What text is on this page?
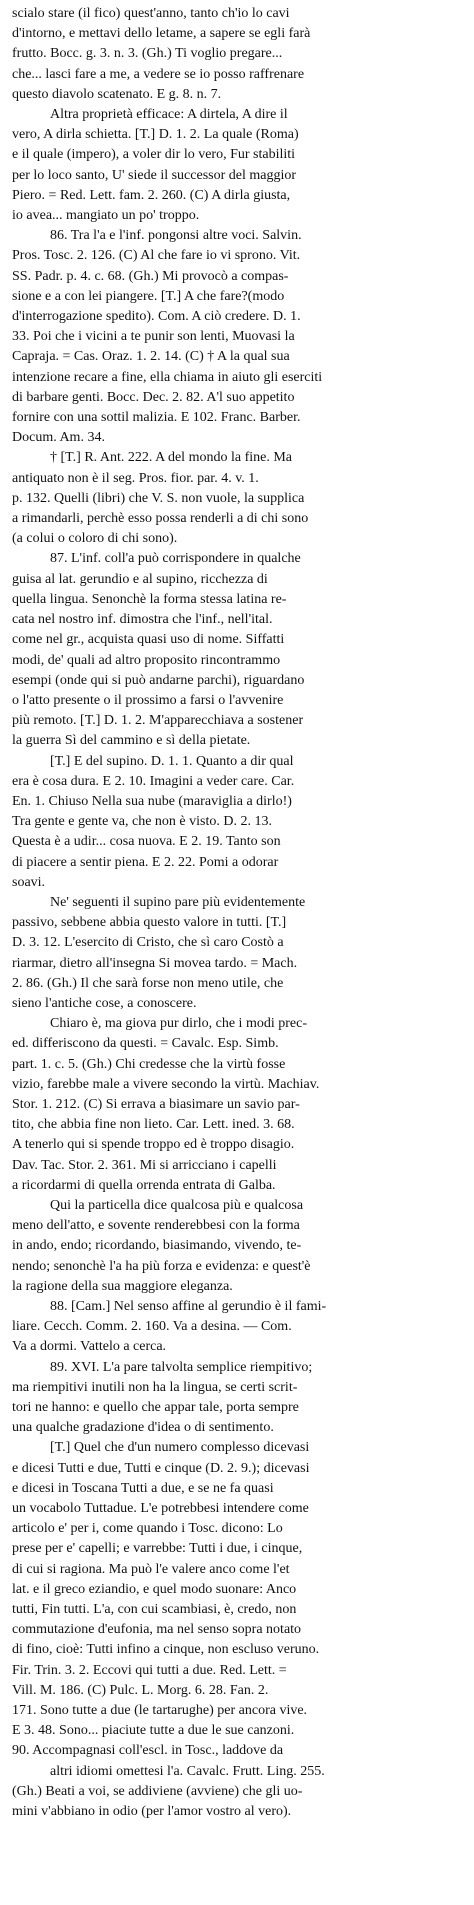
scialo stare (il fico) quest'anno, tanto ch'io lo cavi
d'intorno, e mettavi dello letame, a sapere se egli farà
frutto. Bocc. g. 3. n. 3. (Gh.) Ti voglio pregare...
che... lasci fare a me, a vedere se io posso raffrenare
questo diavolo scatenato. E g. 8. n. 7.
Altra proprietà efficace: A dirtela, A dire il
vero, A dirla schietta. [T.] D. 1. 2. La quale (Roma)
e il quale (impero), a voler dir lo vero, Fur stabiliti
per lo loco santo, U' siede il successor del maggior
Piero. = Red. Lett. fam. 2. 260. (C) A dirla giusta,
io avea... mangiato un po' troppo.
86. Tra l'a e l'inf. pongonsi altre voci. Salvin.
Pros. Tosc. 2. 126. (C) Al che fare io vi sprono. Vit.
SS. Padr. p. 4. c. 68. (Gh.) Mi provocò a compas-
sione e a con lei piangere. [T.] A che fare?(modo
d'interrogazione spedito). Com. A ciò credere. D. 1.
33. Poi che i vicini a te punir son lenti, Muovasi la
Capraja. = Cas. Oraz. 1. 2. 14. (C) † A la qual sua
intenzione recare a fine, ella chiama in aiuto gli eserciti
di barbare genti. Bocc. Dec. 2. 82. A'l suo appetito
fornire con una sottil malizia. E 102. Franc. Barber.
Docum. Am. 34.
† [T.] R. Ant. 222. A del mondo la fine. Ma
antiquato non è il seg. Pros. fior. par. 4. v. 1.
p. 132. Quelli (libri) che V. S. non vuole, la supplica
a rimandarli, perchè esso possa renderli a di chi sono
(a colui o coloro di chi sono).
87. L'inf. coll'a può corrispondere in qualche
guisa al lat. gerundio e al supino, ricchezza di
quella lingua. Senonchè la forma stessa latina re-
cata nel nostro inf. dimostra che l'inf., nell'ital.
come nel gr., acquista quasi uso di nome. Siffatti
modi, de' quali ad altro proposito rincontrammo
esempi (onde qui si può andarne parchi), riguardano
o l'atto presente o il prossimo a farsi o l'avvenire
più remoto. [T.] D. 1. 2. M'apparecchiava a sostener
la guerra Sì del cammino e sì della pietate.
[T.] E del supino. D. 1. 1. Quanto a dir qual
era è cosa dura. E 2. 10. Imagini a veder care. Car.
En. 1. Chiuso Nella sua nube (maraviglia a dirlo!)
Tra gente e gente va, che non è visto. D. 2. 13.
Questa è a udir... cosa nuova. E 2. 19. Tanto son
di piacere a sentir piena. E 2. 22. Pomi a odorar
soavi.
Ne' seguenti il supino pare più evidentemente
passivo, sebbene abbia questo valore in tutti. [T.]
D. 3. 12. L'esercito di Cristo, che sì caro Costò a
riarmar, dietro all'insegna Si movea tardo. = Mach.
2. 86. (Gh.) Il che sarà forse non meno utile, che
sieno l'antiche cose, a conoscere.
Chiaro è, ma giova pur dirlo, che i modi prec-
ed. differiscono da questi. = Cavalc. Esp. Simb.
part. 1. c. 5. (Gh.) Chi credesse che la virtù fosse
vizio, farebbe male a vivere secondo la virtù. Machiav.
Stor. 1. 212. (C) Si errava a biasimare un savio par-
tito, che abbia fine non lieto. Car. Lett. ined. 3. 68.
A tenerlo qui si spende troppo ed è troppo disagio.
Dav. Tac. Stor. 2. 361. Mi si arricciano i capelli
a ricordarmi di quella orrenda entrata di Galba.
Qui la particella dice qualcosa più e qualcosa
meno dell'atto, e sovente renderebbesi con la forma
in ando, endo; ricordando, biasimando, vivendo, te-
nendo; senonchè l'a ha più forza e evidenza: e quest'è
la ragione della sua maggiore eleganza.
88. [Cam.] Nel senso affine al gerundio è il fami-
liare. Cecch. Comm. 2. 160. Va a desina. — Com.
Va a dormi. Vattelo a cerca.
89. XVI. L'a pare talvolta semplice riempitivo;
ma riempitivi inutili non ha la lingua, se certi scrit-
tori ne hanno: e quello che appar tale, porta sempre
una qualche gradazione d'idea o di sentimento.
[T.] Quel che d'un numero complesso dicevasi
e dicesi Tutti e due, Tutti e cinque (D. 2. 9.); dicevasi
e dicesi in Toscana Tutti a due, e se ne fa quasi
un vocabolo Tuttadue. L'e potrebbesi intendere come
articolo e' per i, come quando i Tosc. dicono: Lo
prese per e' capelli; e varrebbe: Tutti i due, i cinque,
di cui si ragiona. Ma può l'e valere anco come l'et
lat. e il greco eziandio, e quel modo suonare: Anco
tutti, Fin tutti. L'a, con cui scambiasi, è, credo, non
commutazione d'eufonia, ma nel senso sopra notato
di fino, cioè: Tutti infino a cinque, non escluso veruno.
Fir. Trin. 3. 2. Eccovi qui tutti a due. Red. Lett. =
Vill. M. 186. (C) Pulc. L. Morg. 6. 28. Fan. 2.
171. Sono tutte a due (le tartarughe) per ancora vive.
E 3. 48. Sono... piaciute tutte a due le sue canzoni.
90. Accompagnasi coll'escl. in Tosc., laddove da
altri idiomi omettesi l'a. Cavalc. Frutt. Ling. 255.
(Gh.) Beati a voi, se addiviene (avviene) che gli uo-
mini v'abbiano in odio (per l'amor vostro al vero).
